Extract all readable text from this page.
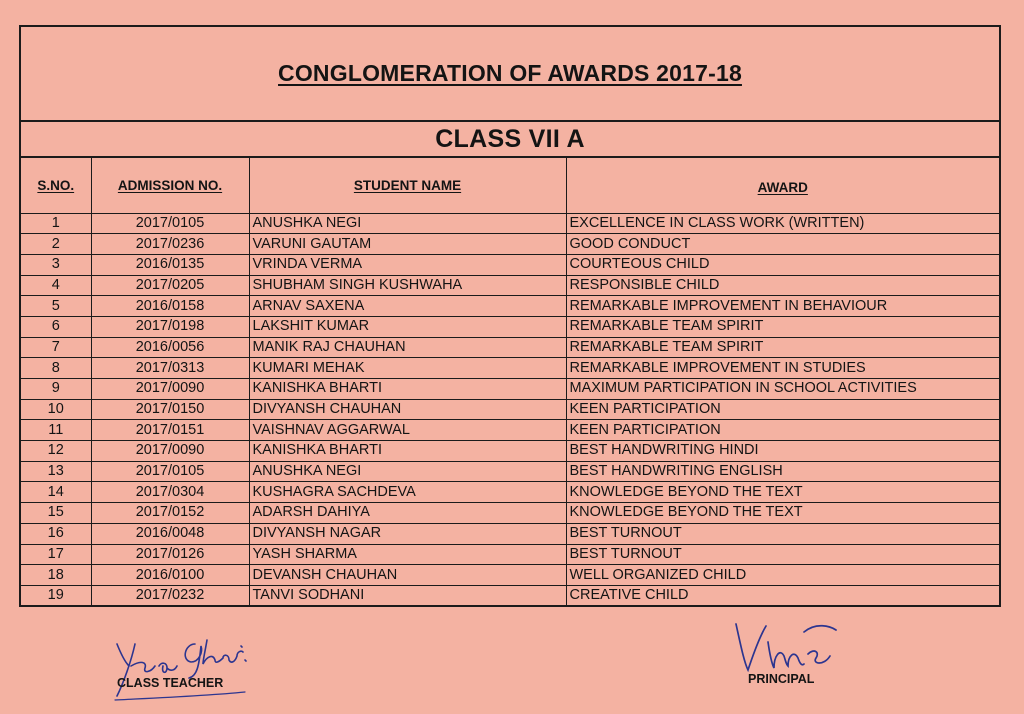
CONGLOMERATION OF AWARDS 2017-18
CLASS VII A
S.NO.	ADMISSION NO.	STUDENT NAME	AWARD
1	2017/0105	ANUSHKA NEGI	EXCELLENCE IN CLASS WORK (WRITTEN)
2	2017/0236	VARUNI GAUTAM	GOOD CONDUCT
3	2016/0135	VRINDA VERMA	COURTEOUS CHILD
4	2017/0205	SHUBHAM SINGH KUSHWAHA	RESPONSIBLE CHILD
5	2016/0158	ARNAV SAXENA	REMARKABLE IMPROVEMENT IN BEHAVIOUR
6	2017/0198	LAKSHIT KUMAR	REMARKABLE TEAM SPIRIT
7	2016/0056	MANIK RAJ CHAUHAN	REMARKABLE TEAM SPIRIT
8	2017/0313	KUMARI MEHAK	REMARKABLE IMPROVEMENT IN STUDIES
9	2017/0090	KANISHKA BHARTI	MAXIMUM PARTICIPATION IN SCHOOL ACTIVITIES
10	2017/0150	DIVYANSH CHAUHAN	KEEN PARTICIPATION
11	2017/0151	VAISHNAV AGGARWAL	KEEN PARTICIPATION
12	2017/0090	KANISHKA BHARTI	BEST HANDWRITING HINDI
13	2017/0105	ANUSHKA NEGI	BEST HANDWRITING ENGLISH
14	2017/0304	KUSHAGRA SACHDEVA	KNOWLEDGE BEYOND THE TEXT
15	2017/0152	ADARSH DAHIYA	KNOWLEDGE BEYOND THE TEXT
16	2016/0048	DIVYANSH NAGAR	BEST TURNOUT
17	2017/0126	YASH SHARMA	BEST TURNOUT
18	2016/0100	DEVANSH CHAUHAN	WELL ORGANIZED CHILD
19	2017/0232	TANVI SODHANI	CREATIVE CHILD
CLASS TEACHER	PRINCIPAL
